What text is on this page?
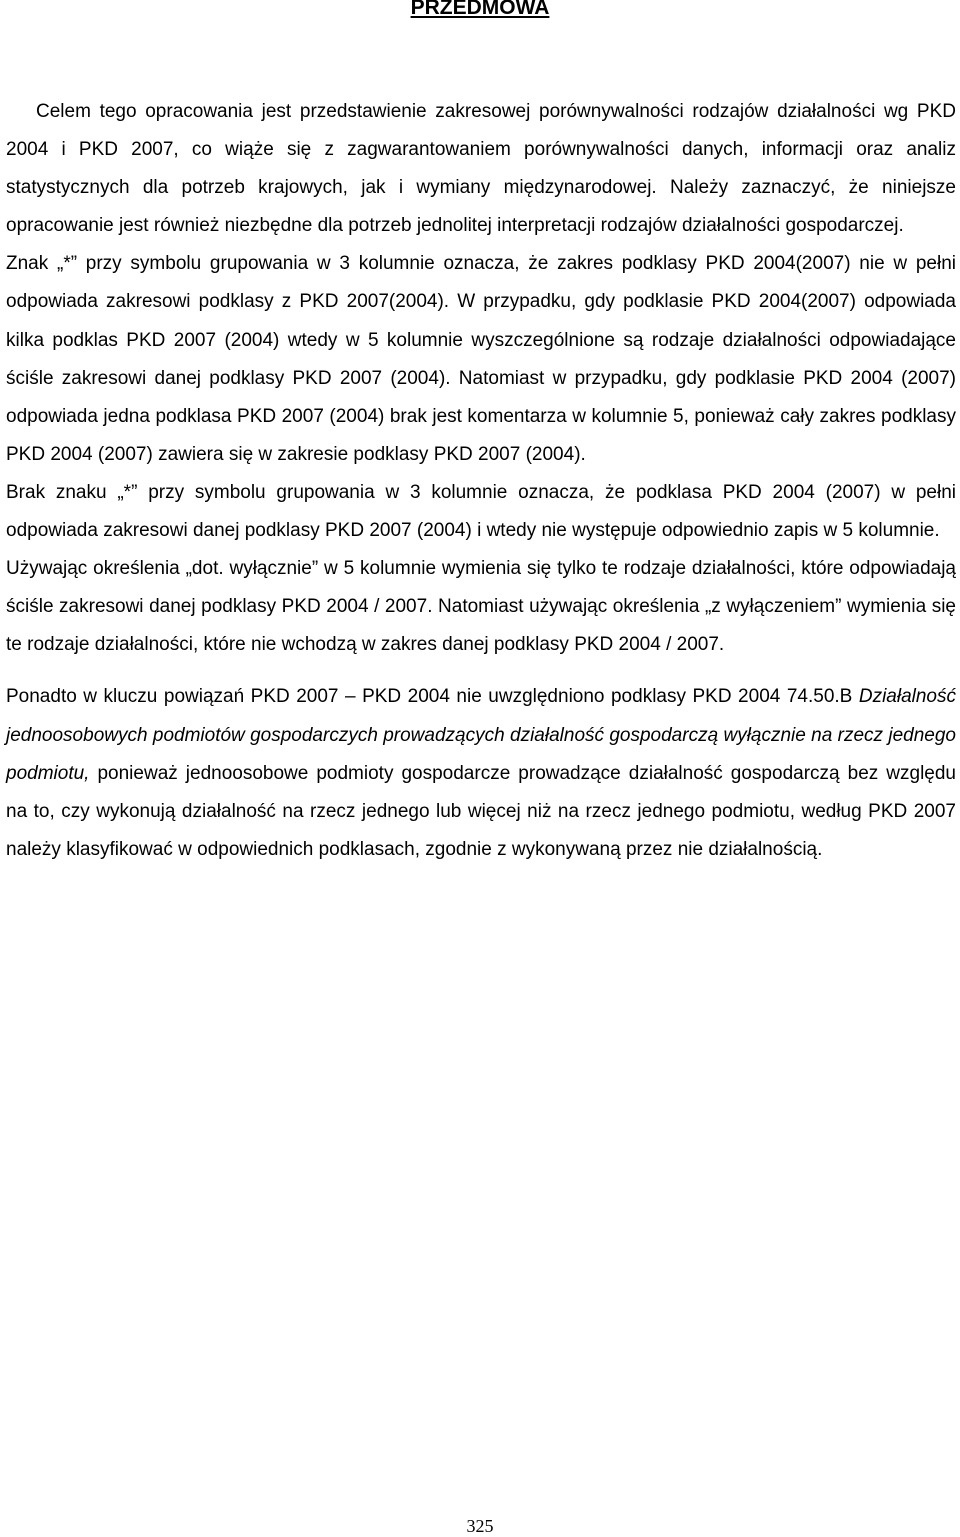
PRZEDMOWA

Celem tego opracowania jest przedstawienie zakresowej porównywalności rodzajów działalności wg PKD 2004 i PKD 2007, co wiąże się z zagwarantowaniem porównywalności danych, informacji oraz analiz statystycznych dla potrzeb krajowych, jak i wymiany międzynarodowej. Należy zaznaczyć, że niniejsze opracowanie jest również niezbędne dla potrzeb jednolitej interpretacji rodzajów działalności gospodarczej.

Znak „*” przy symbolu grupowania w 3 kolumnie oznacza, że zakres podklasy PKD 2004(2007) nie w pełni odpowiada zakresowi podklasy z PKD 2007(2004). W przypadku, gdy podklasie PKD 2004(2007) odpowiada kilka podklas PKD 2007 (2004) wtedy w 5 kolumnie wyszczególnione są rodzaje działalności odpowiadające ściśle zakresowi danej podklasy PKD 2007 (2004). Natomiast w przypadku, gdy podklasie PKD 2004 (2007) odpowiada jedna podklasa PKD 2007 (2004) brak jest komentarza w kolumnie 5, ponieważ cały zakres podklasy PKD 2004 (2007) zawiera się w zakresie podklasy PKD 2007 (2004).

Brak znaku „*” przy symbolu grupowania w 3 kolumnie oznacza, że podklasa PKD 2004 (2007) w pełni odpowiada zakresowi danej podklasy PKD 2007 (2004) i wtedy nie występuje odpowiednio zapis w 5 kolumnie.

Używając określenia „dot. wyłącznie” w 5 kolumnie wymienia się tylko te rodzaje działalności, które odpowiadają ściśle zakresowi danej podklasy PKD 2004 / 2007. Natomiast używając określenia „z wyłączeniem” wymienia się te rodzaje działalności, które nie wchodzą w zakres danej podklasy PKD 2004 / 2007.

Ponadto w kluczu powiązań PKD 2007 – PKD 2004 nie uwzględniono podklasy PKD 2004 74.50.B Działalność jednoosobowych podmiotów gospodarczych prowadzących działalność gospodarczą wyłącznie na rzecz jednego podmiotu, ponieważ jednoosobowe podmioty gospodarcze prowadzące działalność gospodarczą bez względu na to, czy wykonują działalność na rzecz jednego lub więcej niż na rzecz jednego podmiotu, według PKD 2007 należy klasyfikować w odpowiednich podklasach, zgodnie z wykonywaną przez nie działalnością.

325
